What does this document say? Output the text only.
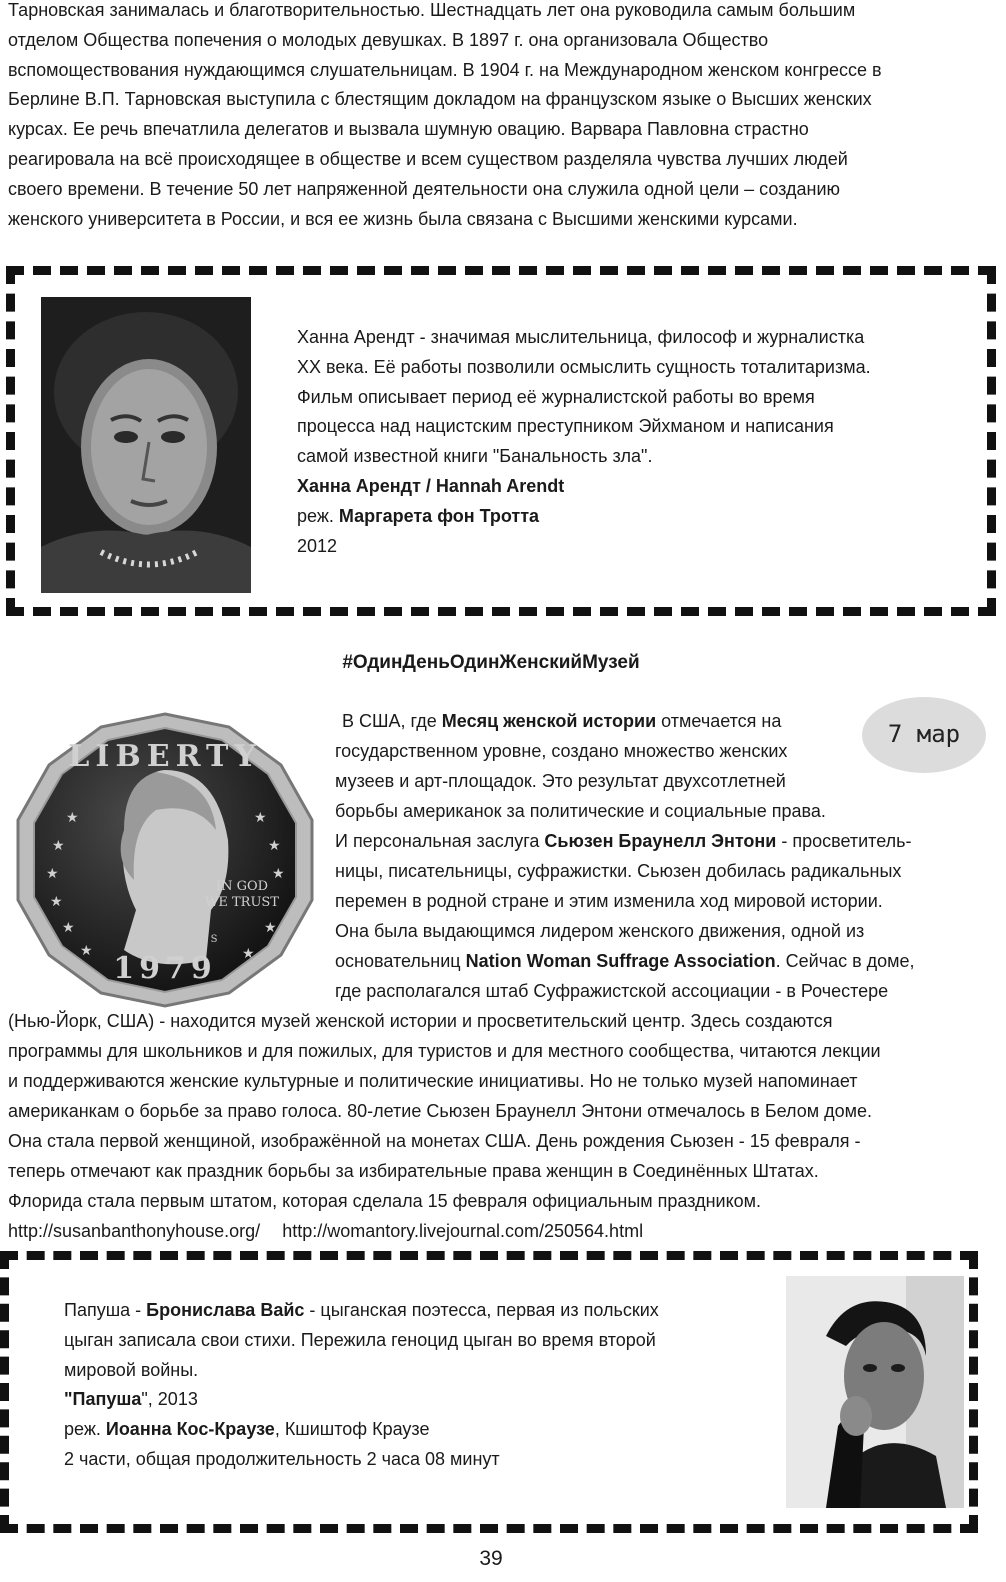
Тарновская занималась и благотворительностью. Шестнадцать лет она руководила самым большим
отделом Общества попечения о молодых девушках. В 1897 г. она организовала Общество
вспомоществования нуждающимся слушательницам. В 1904 г. на Международном женском конгрессе в
Берлине В.П. Тарновская выступила с блестящим докладом на французском языке о Высших женских
курсах. Ее речь впечатлила делегатов и вызвала шумную овацию. Варвара Павловна страстно
реагировала на всё происходящее в обществе и всем существом разделяла чувства лучших людей
своего времени. В течение 50 лет напряженной деятельности она служила одной цели – созданию
женского университета в России, и вся ее жизнь была связана с Высшими женскими курсами.
Ханна Арендт - значимая мыслительница, философ и журналистка
XX века. Её работы позволили осмыслить сущность тоталитаризма.
Фильм описывает период её журналистской работы во время
процесса над нацистским преступником Эйхманом и написания
самой известной книги "Банальность зла".
Ханна Арендт / Hannah Arendt
реж. Маргарета фон Тротта
2012
#ОдинДеньОдинЖенскийМузей
LIBERTY
IN GOD
WE TRUST
1979
S
★
★
★
★
★
★
★
★
★
★
★
7 мар
В США, где Месяц женской истории отмечается на
государственном уровне, создано множество женских
музеев и арт-площадок. Это результат двухсотлетней
борьбы американок за политические и социальные права.
И персональная заслуга Сьюзен Браунелл Энтони - просветитель-
ницы, писательницы, суфражистки. Сьюзен добилась радикальных
перемен в родной стране и этим изменила ход мировой истории.
Она была выдающимся лидером женского движения, одной из
основательниц Nation Woman Suffrage Association. Сейчас в доме,
где располагался штаб Суфражистской ассоциации - в Рочестере
(Нью-Йорк, США) - находится музей женской истории и просветительский центр. Здесь создаются
программы для школьников и для пожилых, для туристов и для местного сообщества, читаются лекции
и поддерживаются женские культурные и политические инициативы. Но не только музей напоминает
американкам о борьбе за право голоса. 80-летие Сьюзен Браунелл Энтони отмечалось в Белом доме.
Она стала первой женщиной, изображённой на монетах США. День рождения Сьюзен - 15 февраля -
теперь отмечают как праздник борьбы за избирательные права женщин в Соединённых Штатах.
Флорида стала первым штатом, которая сделала 15 февраля официальным праздником.
http://susanbanthonyhouse.org/ http://womantory.livejournal.com/250564.html
Папуша - Бронислава Вайс - цыганская поэтесса, первая из польских
цыган записала свои стихи. Пережила геноцид цыган во время второй
мировой войны.
"Папуша", 2013
реж. Иоанна Кос-Краузе, Кшиштоф Краузе
2 части, общая продолжительность 2 часа 08 минут
39
